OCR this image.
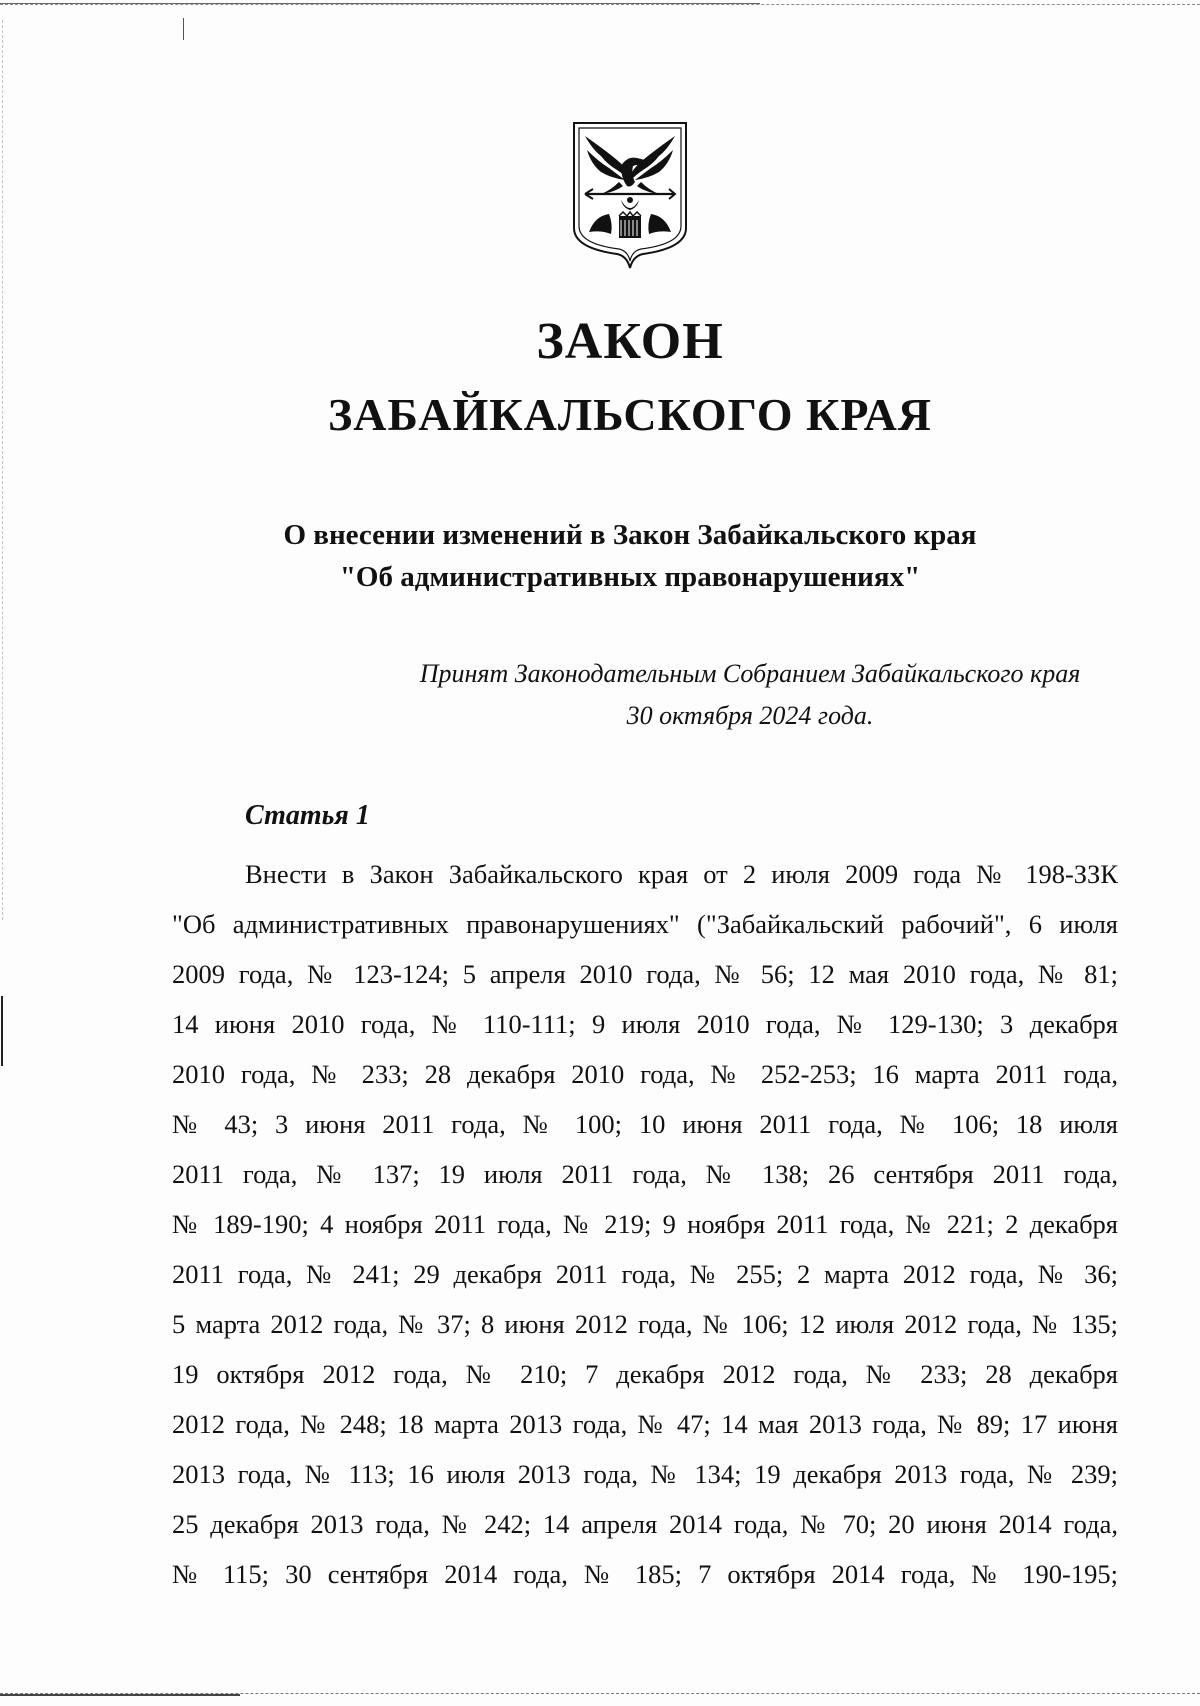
ЗАКОН
ЗАБАЙКАЛЬСКОГО КРАЯ
О внесении изменений в Закон Забайкальского края
"Об административных правонарушениях"
Принят Законодательным Собранием Забайкальского края
30 октября 2024 года.
Статья 1
Внести в Закон Забайкальского края от 2 июля 2009 года № 198-ЗЗК
"Об административных правонарушениях" ("Забайкальский рабочий", 6 июля
2009 года, № 123-124; 5 апреля 2010 года, № 56; 12 мая 2010 года, № 81;
14 июня 2010 года, № 110-111; 9 июля 2010 года, № 129-130; 3 декабря
2010 года, № 233; 28 декабря 2010 года, № 252-253; 16 марта 2011 года,
№ 43; 3 июня 2011 года, № 100; 10 июня 2011 года, № 106; 18 июля
2011 года, № 137; 19 июля 2011 года, № 138; 26 сентября 2011 года,
№ 189-190; 4 ноября 2011 года, № 219; 9 ноября 2011 года, № 221; 2 декабря
2011 года, № 241; 29 декабря 2011 года, № 255; 2 марта 2012 года, № 36;
5 марта 2012 года, № 37; 8 июня 2012 года, № 106; 12 июля 2012 года, № 135;
19 октября 2012 года, № 210; 7 декабря 2012 года, № 233; 28 декабря
2012 года, № 248; 18 марта 2013 года, № 47; 14 мая 2013 года, № 89; 17 июня
2013 года, № 113; 16 июля 2013 года, № 134; 19 декабря 2013 года, № 239;
25 декабря 2013 года, № 242; 14 апреля 2014 года, № 70; 20 июня 2014 года,
№ 115; 30 сентября 2014 года, № 185; 7 октября 2014 года, № 190-195;
